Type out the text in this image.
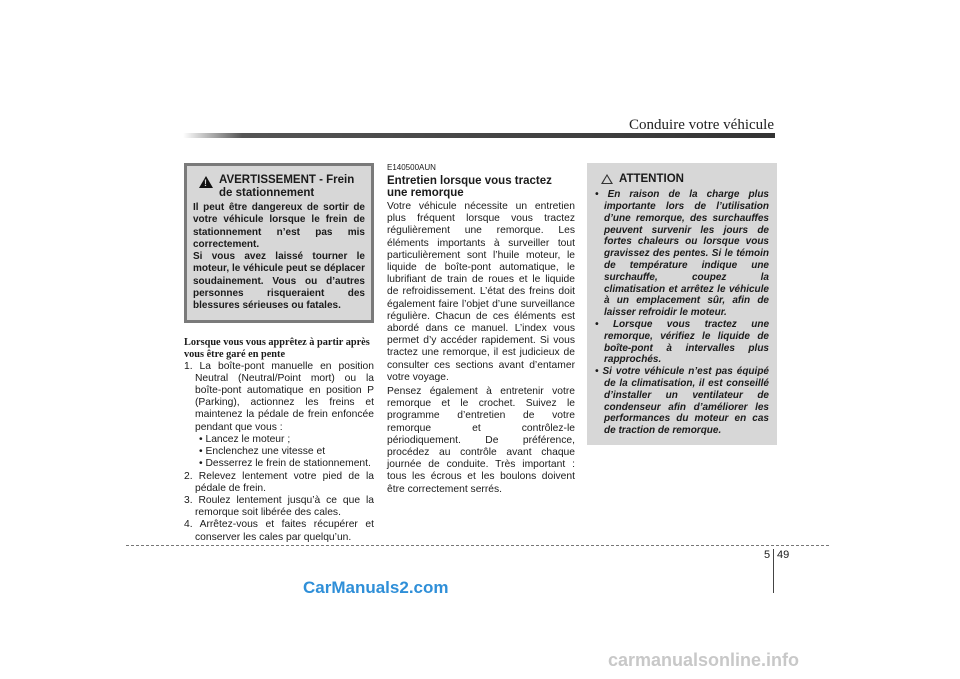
Conduire votre véhicule
!
AVERTISSEMENT - Frein de stationnement

Il peut être dangereux de sortir de votre véhicule lorsque le frein de stationnement n’est pas mis correctement.

Si vous avez laissé tourner le moteur, le véhicule peut se déplacer soudainement. Vous ou d’autres personnes risqueraient des blessures sérieuses ou fatales.

Lorsque vous vous apprêtez à partir après vous être garé en pente
1. La boîte-pont manuelle en position Neutral (Neutral/Point mort) ou la boîte-pont automatique en position P (Parking), actionnez les freins et maintenez la pédale de frein enfoncée pendant que vous :
• Lancez le moteur ;
• Enclenchez une vitesse et
• Desserrez le frein de stationnement.
2. Relevez lentement votre pied de la pédale de frein.
3. Roulez lentement jusqu’à ce que la remorque soit libérée des cales.
4. Arrêtez-vous et faites récupérer et conserver les cales par quelqu’un.
E140500AUN
Entretien lorsque vous tractez une remorque

Votre véhicule nécessite un entretien plus fréquent lorsque vous tractez régulièrement une remorque. Les éléments importants à surveiller tout particulièrement sont l’huile moteur, le liquide de boîte-pont automatique, le lubrifiant de train de roues et le liquide de refroidissement. L’état des freins doit également faire l’objet d’une surveillance régulière. Chacun de ces éléments est abordé dans ce manuel. L’index vous permet d’y accéder rapidement. Si vous tractez une remorque, il est judicieux de consulter ces sections avant d’entamer votre voyage.

Pensez également à entretenir votre remorque et le crochet. Suivez le programme d’entretien de votre remorque et contrôlez-le périodiquement. De préférence, procédez au contrôle avant chaque journée de conduite. Très important : tous les écrous et les boulons doivent être correctement serrés.

ATTENTION
• En raison de la charge plus importante lors de l’utilisation d’une remorque, des surchauffes peuvent survenir les jours de fortes chaleurs ou lorsque vous gravissez des pentes. Si le témoin de température indique une surchauffe, coupez la climatisation et arrêtez le véhicule à un emplacement sûr, afin de laisser refroidir le moteur.
• Lorsque vous tractez une remorque, vérifiez le liquide de boîte-pont à intervalles plus rapprochés.
• Si votre véhicule n’est pas équipé de la climatisation, il est conseillé d’installer un ventilateur de condenseur afin d’améliorer les performances du moteur en cas de traction de remorque.
5 49
CarManuals2.com
carmanualsonline.info
